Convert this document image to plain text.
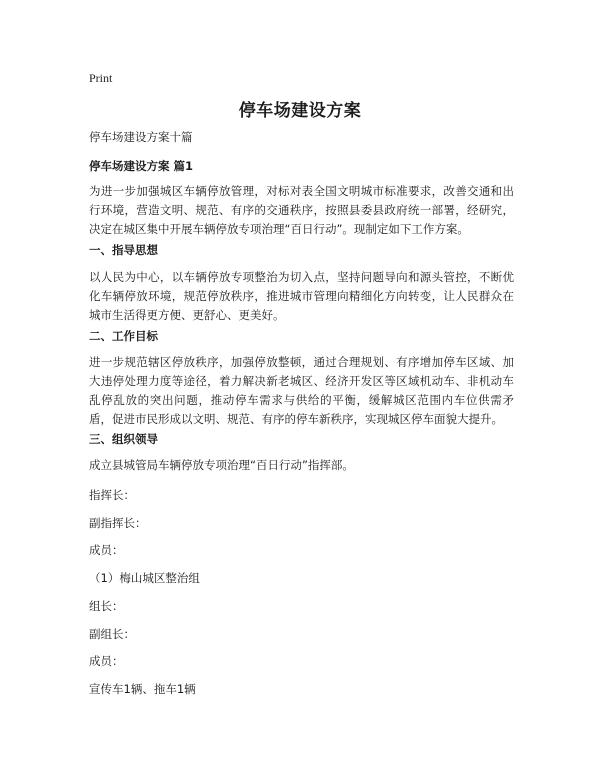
Print
停车场建设方案
停车场建设方案十篇
停车场建设方案 篇1
为进一步加强城区车辆停放管理，对标对表全国文明城市标准要求，改善交通和出行环境，营造文明、规范、有序的交通秩序，按照县委县政府统一部署，经研究，决定在城区集中开展车辆停放专项治理“百日行动”。现制定如下工作方案。
一、指导思想
以人民为中心，以车辆停放专项整治为切入点，坚持问题导向和源头管控，不断优化车辆停放环境，规范停放秩序，推进城市管理向精细化方向转变，让人民群众在城市生活得更方便、更舒心、更美好。
二、工作目标
进一步规范辖区停放秩序，加强停放整顿，通过合理规划、有序增加停车区域、加大违停处理力度等途径，着力解决新老城区、经济开发区等区域机动车、非机动车乱停乱放的突出问题，推动停车需求与供给的平衡，缓解城区范围内车位供需矛盾，促进市民形成以文明、规范、有序的停车新秩序，实现城区停车面貌大提升。
三、组织领导
成立县城管局车辆停放专项治理“百日行动”指挥部。
指挥长：
副指挥长：
成员：
（1）梅山城区整治组
组长：
副组长：
成员：
宣传车1辆、拖车1辆
